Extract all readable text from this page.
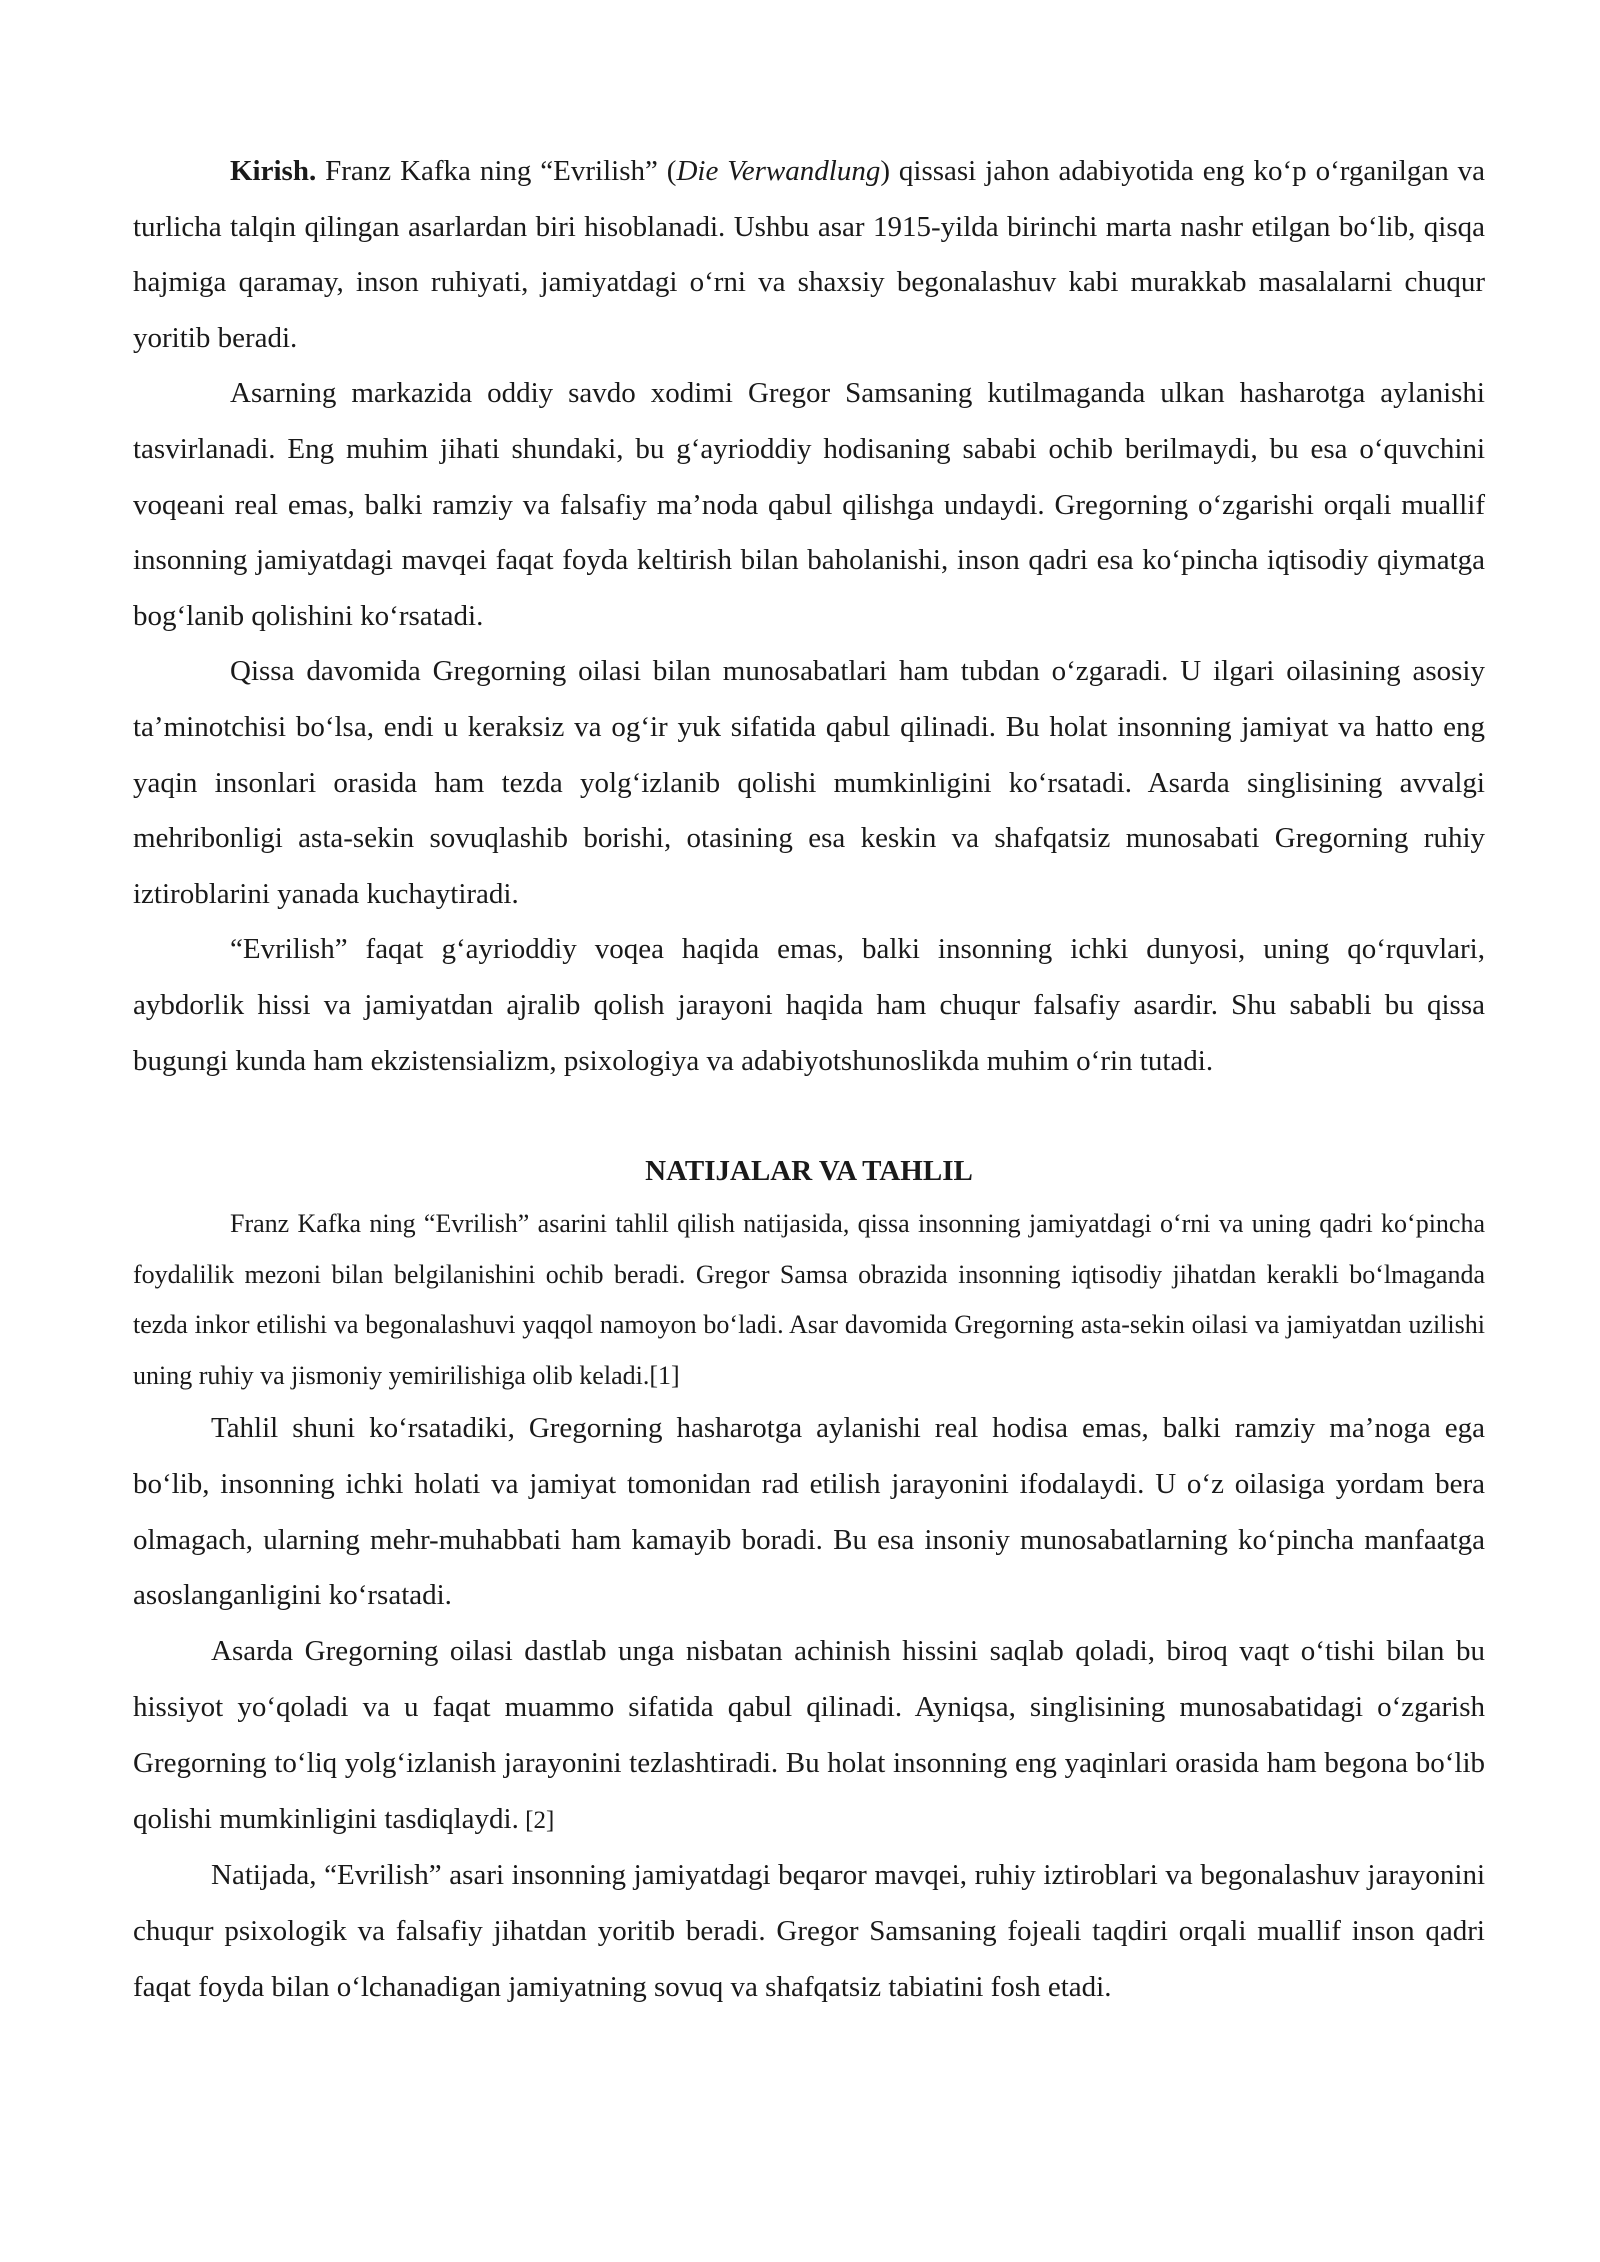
Kirish. Franz Kafka ning “Evrilish” (Die Verwandlung) qissasi jahon adabiyotida eng ko‘p o‘rganilgan va turlicha talqin qilingan asarlardan biri hisoblanadi. Ushbu asar 1915-yilda birinchi marta nashr etilgan bo‘lib, qisqa hajmiga qaramay, inson ruhiyati, jamiyatdagi o‘rni va shaxsiy begonalashuv kabi murakkab masalalarni chuqur yoritib beradi.

Asarning markazida oddiy savdo xodimi Gregor Samsaning kutilmaganda ulkan hasharotga aylanishi tasvirlanadi. Eng muhim jihati shundaki, bu g‘ayrioddiy hodisaning sababi ochib berilmaydi, bu esa o‘quvchini voqeani real emas, balki ramziy va falsafiy ma’noda qabul qilishga undaydi. Gregorning o‘zgarishi orqali muallif insonning jamiyatdagi mavqei faqat foyda keltirish bilan baholanishi, inson qadri esa ko‘pincha iqtisodiy qiymatga bog‘lanib qolishini ko‘rsatadi.

Qissa davomida Gregorning oilasi bilan munosabatlari ham tubdan o‘zgaradi. U ilgari oilasining asosiy ta’minotchisi bo‘lsa, endi u keraksiz va og‘ir yuk sifatida qabul qilinadi. Bu holat insonning jamiyat va hatto eng yaqin insonlari orasida ham tezda yolg‘izlanib qolishi mumkinligini ko‘rsatadi. Asarda singlisining avvalgi mehribonligi asta-sekin sovuqlashib borishi, otasining esa keskin va shafqatsiz munosabati Gregorning ruhiy iztiroblarini yanada kuchaytiradi.

“Evrilish” faqat g‘ayrioddiy voqea haqida emas, balki insonning ichki dunyosi, uning qo‘rquvlari, aybdorlik hissi va jamiyatdan ajralib qolish jarayoni haqida ham chuqur falsafiy asardir. Shu sababli bu qissa bugungi kunda ham ekzistensializm, psixologiya va adabiyotshunoslikda muhim o‘rin tutadi.

NATIJALAR VA TAHLIL

Franz Kafka ning “Evrilish” asarini tahlil qilish natijasida, qissa insonning jamiyatdagi o‘rni va uning qadri ko‘pincha foydalilik mezoni bilan belgilanishini ochib beradi. Gregor Samsa obrazida insonning iqtisodiy jihatdan kerakli bo‘lmaganda tezda inkor etilishi va begonalashuvi yaqqol namoyon bo‘ladi. Asar davomida Gregorning asta-sekin oilasi va jamiyatdan uzilishi uning ruhiy va jismoniy yemirilishiga olib keladi.[1]

Tahlil shuni ko‘rsatadiki, Gregorning hasharotga aylanishi real hodisa emas, balki ramziy ma’noga ega bo‘lib, insonning ichki holati va jamiyat tomonidan rad etilish jarayonini ifodalaydi. U o‘z oilasiga yordam bera olmagach, ularning mehr-muhabbati ham kamayib boradi. Bu esa insoniy munosabatlarning ko‘pincha manfaatga asoslanganligini ko‘rsatadi.

Asarda Gregorning oilasi dastlab unga nisbatan achinish hissini saqlab qoladi, biroq vaqt o‘tishi bilan bu hissiyot yo‘qoladi va u faqat muammo sifatida qabul qilinadi. Ayniqsa, singlisining munosabatidagi o‘zgarish Gregorning to‘liq yolg‘izlanish jarayonini tezlashtiradi. Bu holat insonning eng yaqinlari orasida ham begona bo‘lib qolishi mumkinligini tasdiqlaydi. [2]

Natijada, “Evrilish” asari insonning jamiyatdagi beqaror mavqei, ruhiy iztiroblari va begonalashuv jarayonini chuqur psixologik va falsafiy jihatdan yoritib beradi. Gregor Samsaning fojeali taqdiri orqali muallif inson qadri faqat foyda bilan o‘lchanadigan jamiyatning sovuq va shafqatsiz tabiatini fosh etadi.
